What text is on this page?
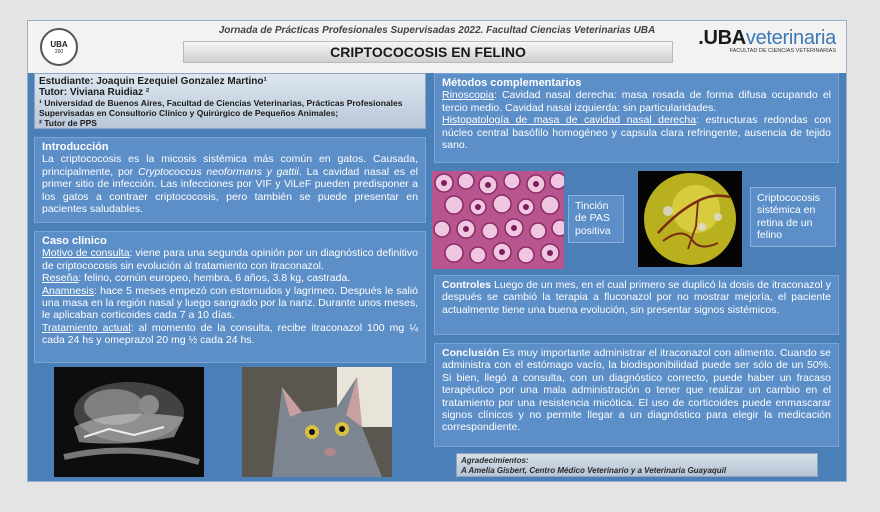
UBA
200
Jornada de Prácticas Profesionales Supervisadas 2022. Facultad Ciencias Veterinarias UBA
CRIPTOCOCOSIS EN FELINO
.UBAveterinaria
FACULTAD DE CIENCIAS VETERINARIAS
Estudiante: Joaquin Ezequiel Gonzalez Martino¹
Tutor: Viviana Ruidiaz ²
¹ Universidad de Buenos Aires, Facultad de Ciencias Veterinarias, Prácticas Profesionales Supervisadas en Consultorio Clínico y Quirúrgico de Pequeños Animales;
² Tutor de PPS
Introducción

La criptococosis es la micosis sistémica más común en gatos. Causada, principalmente, por Cryptococcus neoformans y gattii. La cavidad nasal es el primer sitio de infección. Las infecciones por VIF y ViLeF pueden predisponer a los gatos a contraer criptococosis, pero también se puede presentar en pacientes saludables.

Caso clínico

Motivo de consulta: viene para una segunda opinión por un diagnóstico definitivo de criptococosis sin evolución al tratamiento con itraconazol.

Reseña: felino, común europeo, hembra, 6 años, 3.8 kg, castrada.

Anamnesis: hace 5 meses empezó con estornudos y lagrimeo. Después le salió una masa en la región nasal y luego sangrado por la nariz. Durante unos meses, le aplicaban corticoides cada 7 a 10 días.

Tratamiento actual: al momento de la consulta, recibe itraconazol 100 mg ¼ cada 24 hs y omeprazol 20 mg ½ cada 24 hs.

Métodos complementarios

Rinoscopia: Cavidad nasal derecha: masa rosada de forma difusa ocupando el tercio medio. Cavidad nasal izquierda: sin particularidades.

Histopatología de masa de cavidad nasal derecha: estructuras redondas con núcleo central basófilo homogéneo y capsula clara refringente, ausencia de tejido sano.

Tinción de PAS positiva
Criptococosis sistémica en retina de un felino

Controles Luego de un mes, en el cual primero se duplicó la dosis de itraconazol y después se cambió la terapia a fluconazol por no mostrar mejoría, el paciente actualmente tiene una buena evolución, sin presentar signos sistémicos.

Conclusión Es muy importante administrar el itraconazol con alimento. Cuando se administra con el estómago vacío, la biodisponibilidad puede ser sólo de un 50%. Si bien, llegó a consulta, con un diagnóstico correcto, puede haber un fracaso terapéutico por una mala administración o tener que realizar un cambio en el tratamiento por una resistencia micótica. El uso de corticoides puede enmascarar signos clínicos y no permite llegar a un diagnóstico para elegir la medicación correspondiente.

Agradecimientos:
A Amelia Gisbert, Centro Médico Veterinario y a Veterinaria Guayaquil
